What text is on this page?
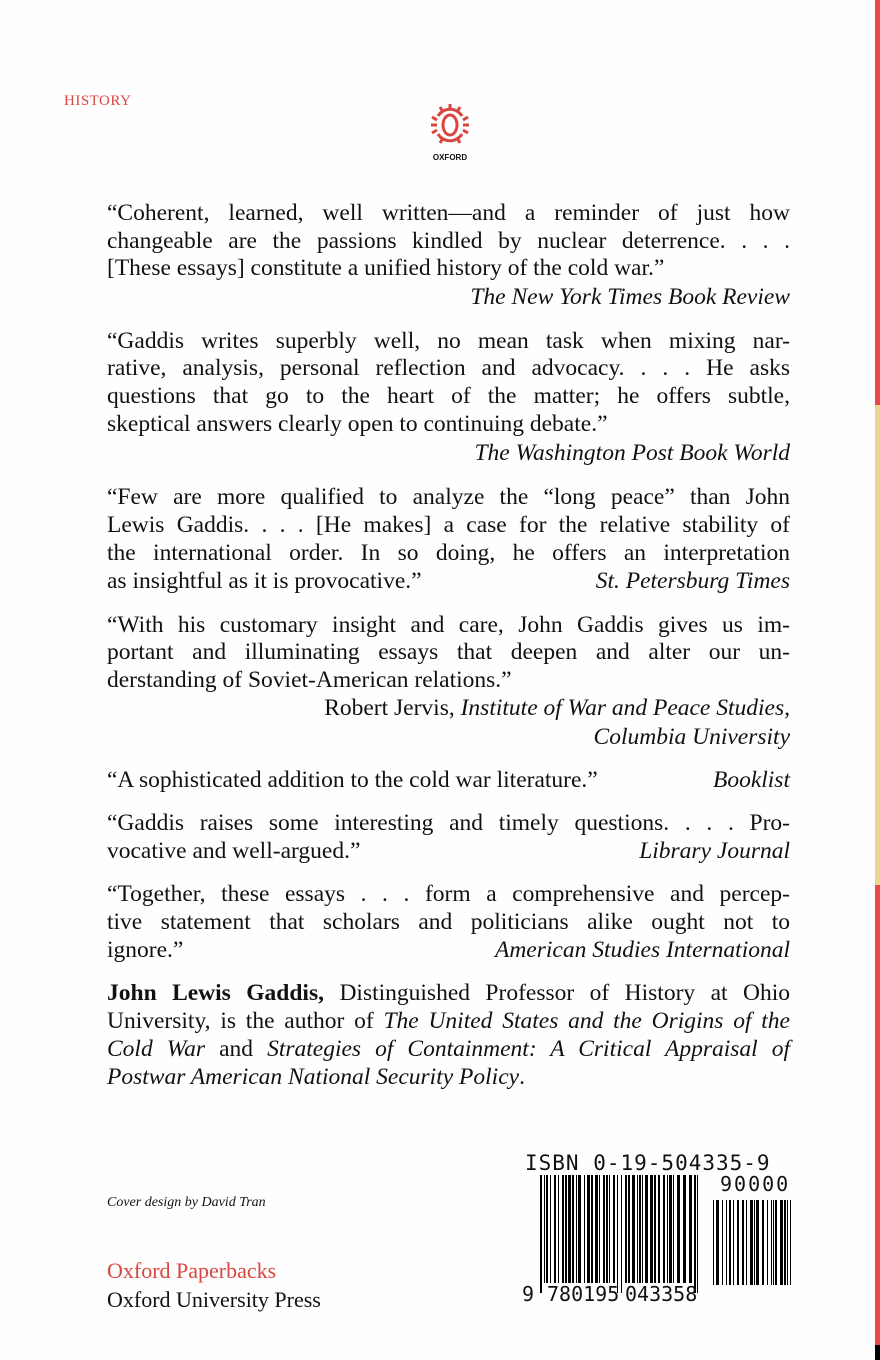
HISTORY
OXFORD
“Coherent, learned, well written—and a reminder of just how
changeable are the passions kindled by nuclear deterrence. . . .
[These essays] constitute a unified history of the cold war.”
The New York Times Book Review
“Gaddis writes superbly well, no mean task when mixing nar-
rative, analysis, personal reflection and advocacy. . . . He asks
questions that go to the heart of the matter; he offers subtle,
skeptical answers clearly open to continuing debate.”
The Washington Post Book World
“Few are more qualified to analyze the “long peace” than John
Lewis Gaddis. . . . [He makes] a case for the relative stability of
the international order. In so doing, he offers an interpretation
as insightful as it is provocative.”	St. Petersburg Times
“With his customary insight and care, John Gaddis gives us im-
portant and illuminating essays that deepen and alter our un-
derstanding of Soviet-American relations.”
Robert Jervis, Institute of War and Peace Studies,
Columbia University
“A sophisticated addition to the cold war literature.”	Booklist
“Gaddis raises some interesting and timely questions. . . . Pro-
vocative and well-argued.”	Library Journal
“Together, these essays . . . form a comprehensive and percep-
tive statement that scholars and politicians alike ought not to
ignore.”	American Studies International
John Lewis Gaddis, Distinguished Professor of History at Ohio
University, is the author of The United States and the Origins of the
Cold War and Strategies of Containment: A Critical Appraisal of
Postwar American National Security Policy.
ISBN 0-19-504335-9
90000
9 780195 043358
Cover design by David Tran
Oxford Paperbacks
Oxford University Press
